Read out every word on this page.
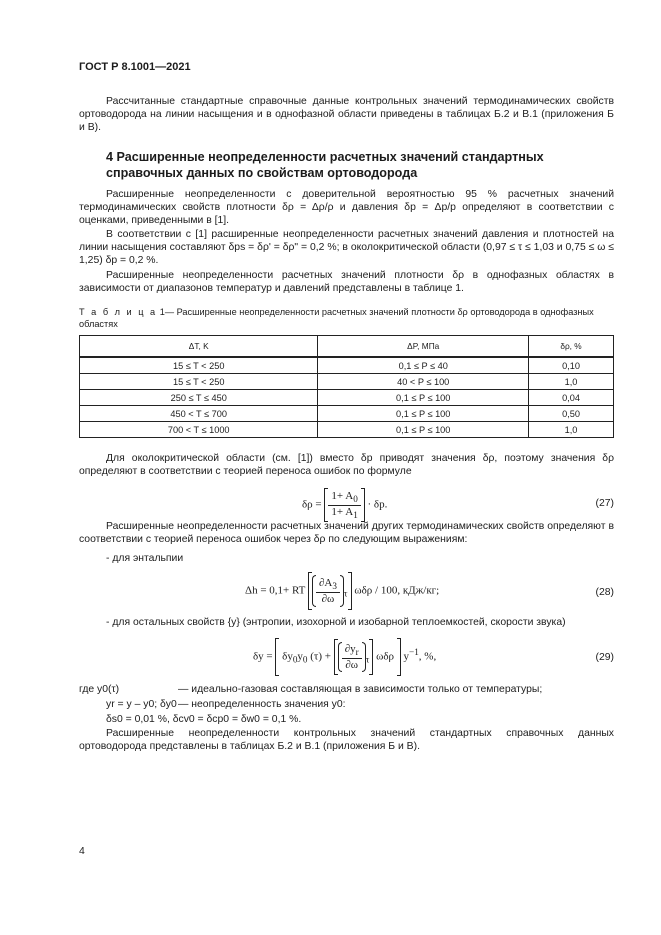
ГОСТ Р 8.1001—2021
Рассчитанные стандартные справочные данные контрольных значений термодинамических свойств ортоводорода на линии насыщения и в однофазной области приведены в таблицах Б.2 и В.1 (приложения Б и В).
4 Расширенные неопределенности расчетных значений стандартных справочных данных по свойствам ортоводорода
Расширенные неопределенности с доверительной вероятностью 95 % расчетных значений термодинамических свойств плотности δρ = Δρ/ρ и давления δp = Δp/p определяют в соответствии с оценками, приведенными в [1].
В соответствии с [1] расширенные неопределенности расчетных значений давления и плотностей на линии насыщения составляют δps = δρ' = δρ" = 0,2 %; в околокритической области (0,97 ≤ τ ≤ 1,03 и 0,75 ≤ ω ≤ 1,25) δp = 0,2 %.
Расширенные неопределенности расчетных значений плотности δρ в однофазных областях в зависимости от диапазонов температур и давлений представлены в таблице 1.
Т а б л и ц а 1— Расширенные неопределенности расчетных значений плотности δρ ортоводорода в однофазных областях
ΔT, K	ΔP, МПа	δρ, %
15 ≤ T < 250	0,1 ≤ P ≤ 40	0,10
15 ≤ T < 250	40 < P ≤ 100	1,0
250 ≤ T ≤ 450	0,1 ≤ P ≤ 100	0,04
450 < T ≤ 700	0,1 ≤ P ≤ 100	0,50
700 < T ≤ 1000	0,1 ≤ P ≤ 100	1,0
Для околокритической области (см. [1]) вместо δp приводят значения δρ, поэтому значения δρ определяют в соответствии с теорией переноса ошибок по формуле
$\delta\rho = \frac{1+ A_0}{1+ A_1} \cdot \delta p$.	(27)
Расширенные неопределенности расчетных значений других термодинамических свойств определяют в соответствии с теорией переноса ошибок через δρ по следующим выражениям:
- для энтальпии
Δh = 0,1+ RT $\frac{\partial A_3}{\partial\omega} _\tau$ ωδρ / 100, кДж/кг;	(28)
- для остальных свойств {y} (энтропии, изохорной и изобарной теплоемкостей, скорости звука)
$\delta y = \delta y_0y_0$ $(\tau) + \frac{\partial y_r}{\partial\omega} _\tau$ ωδρ $y^{-1}$, %,	(29)
где y0(τ)	— идеально-газовая составляющая в зависимости только от температуры;
yr = y – y0; δy0 — неопределенность значения y0:
δs0 = 0,01 %, δcv0 = δcp0 = δw0 = 0,1 %.
Расширенные неопределенности контрольных значений стандартных справочных данных ортоводорода представлены в таблицах Б.2 и В.1 (приложения Б и В).
4
